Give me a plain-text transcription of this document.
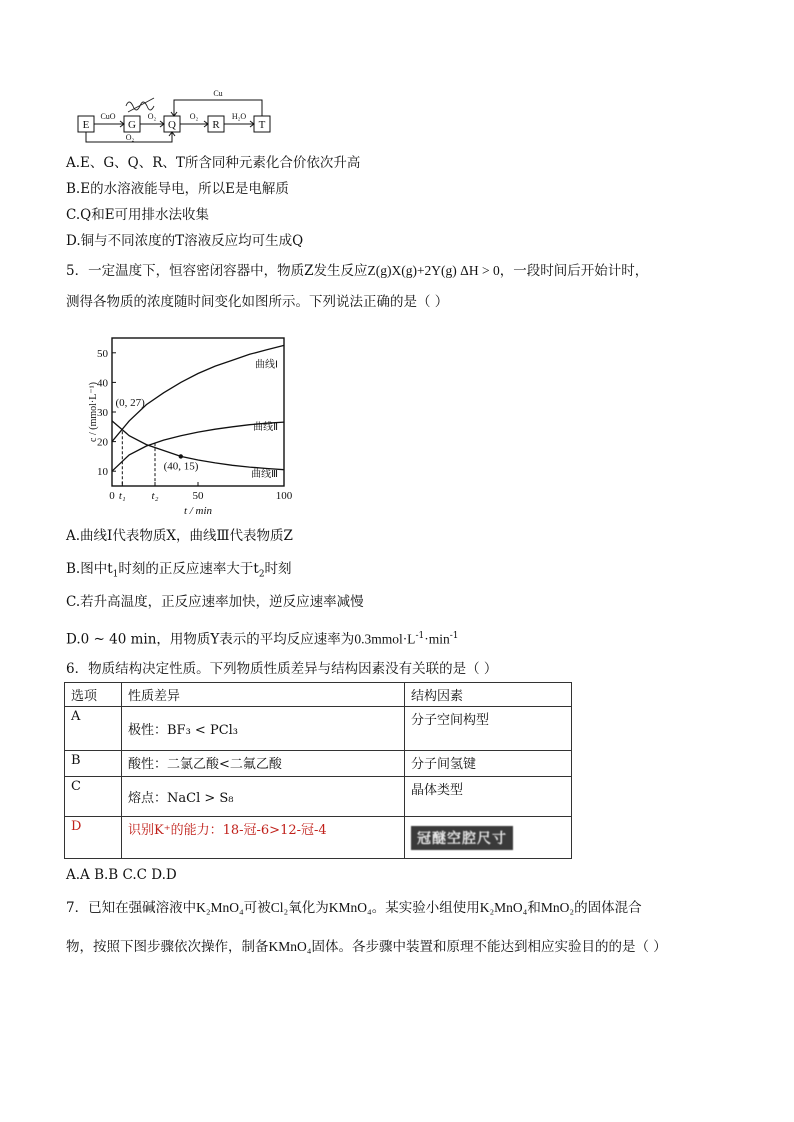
E	G	Q	R	T
CuO	O₂
O₂
O₂	H₂O
Cu
A.E、G、Q、R、T所含同种元素化合价依次升高
B.E的水溶液能导电，所以E是电解质
C.Q和E可用排水法收集
D.铜与不同浓度的T溶液反应均可生成Q
5．一定温度下，恒容密闭容器中，物质Z发生反应Z(g)X(g)+2Y(g) ΔH > 0，一段时间后开始计时，
测得各物质的浓度随时间变化如图所示。下列说法正确的是（ ）
10
20
30
40
50
0 t₁ t₂	50	100
t / min
c / (mmol·L⁻¹)
曲线Ⅰ
曲线Ⅱ
曲线Ⅲ
(0, 27)
(40, 15)
A.曲线Ⅰ代表物质X，曲线Ⅲ代表物质Z
B.图中$t_1$时刻的正反应速率大于$t_2$时刻
C.若升高温度，正反应速率加快，逆反应速率减慢
D.0 ~ 40 min，用物质Y表示的平均反应速率为$0.3mmol\cdot L^{-1}\cdot\min^{-1}$
6．物质结构决定性质。下列物质性质差异与结构因素没有关联的是（ ）
选项	性质差异	结构因素
A	极性：BF₃ < PCl₃	分子空间构型
B	酸性：二氯乙酸<二氟乙酸	分子间氢键
C	熔点：NaCl > S₈	晶体类型
D	识别K⁺的能力：18-冠-6>12-冠-4	冠醚空腔尺寸
A.A B.B C.C D.D
7．已知在强碱溶液中K₂MnO₄可被Cl₂氧化为KMnO₄。某实验小组使用K₂MnO₄和MnO₂的固体混合
物，按照下图步骤依次操作，制备KMnO₄固体。各步骤中装置和原理不能达到相应实验目的的是（ ）
